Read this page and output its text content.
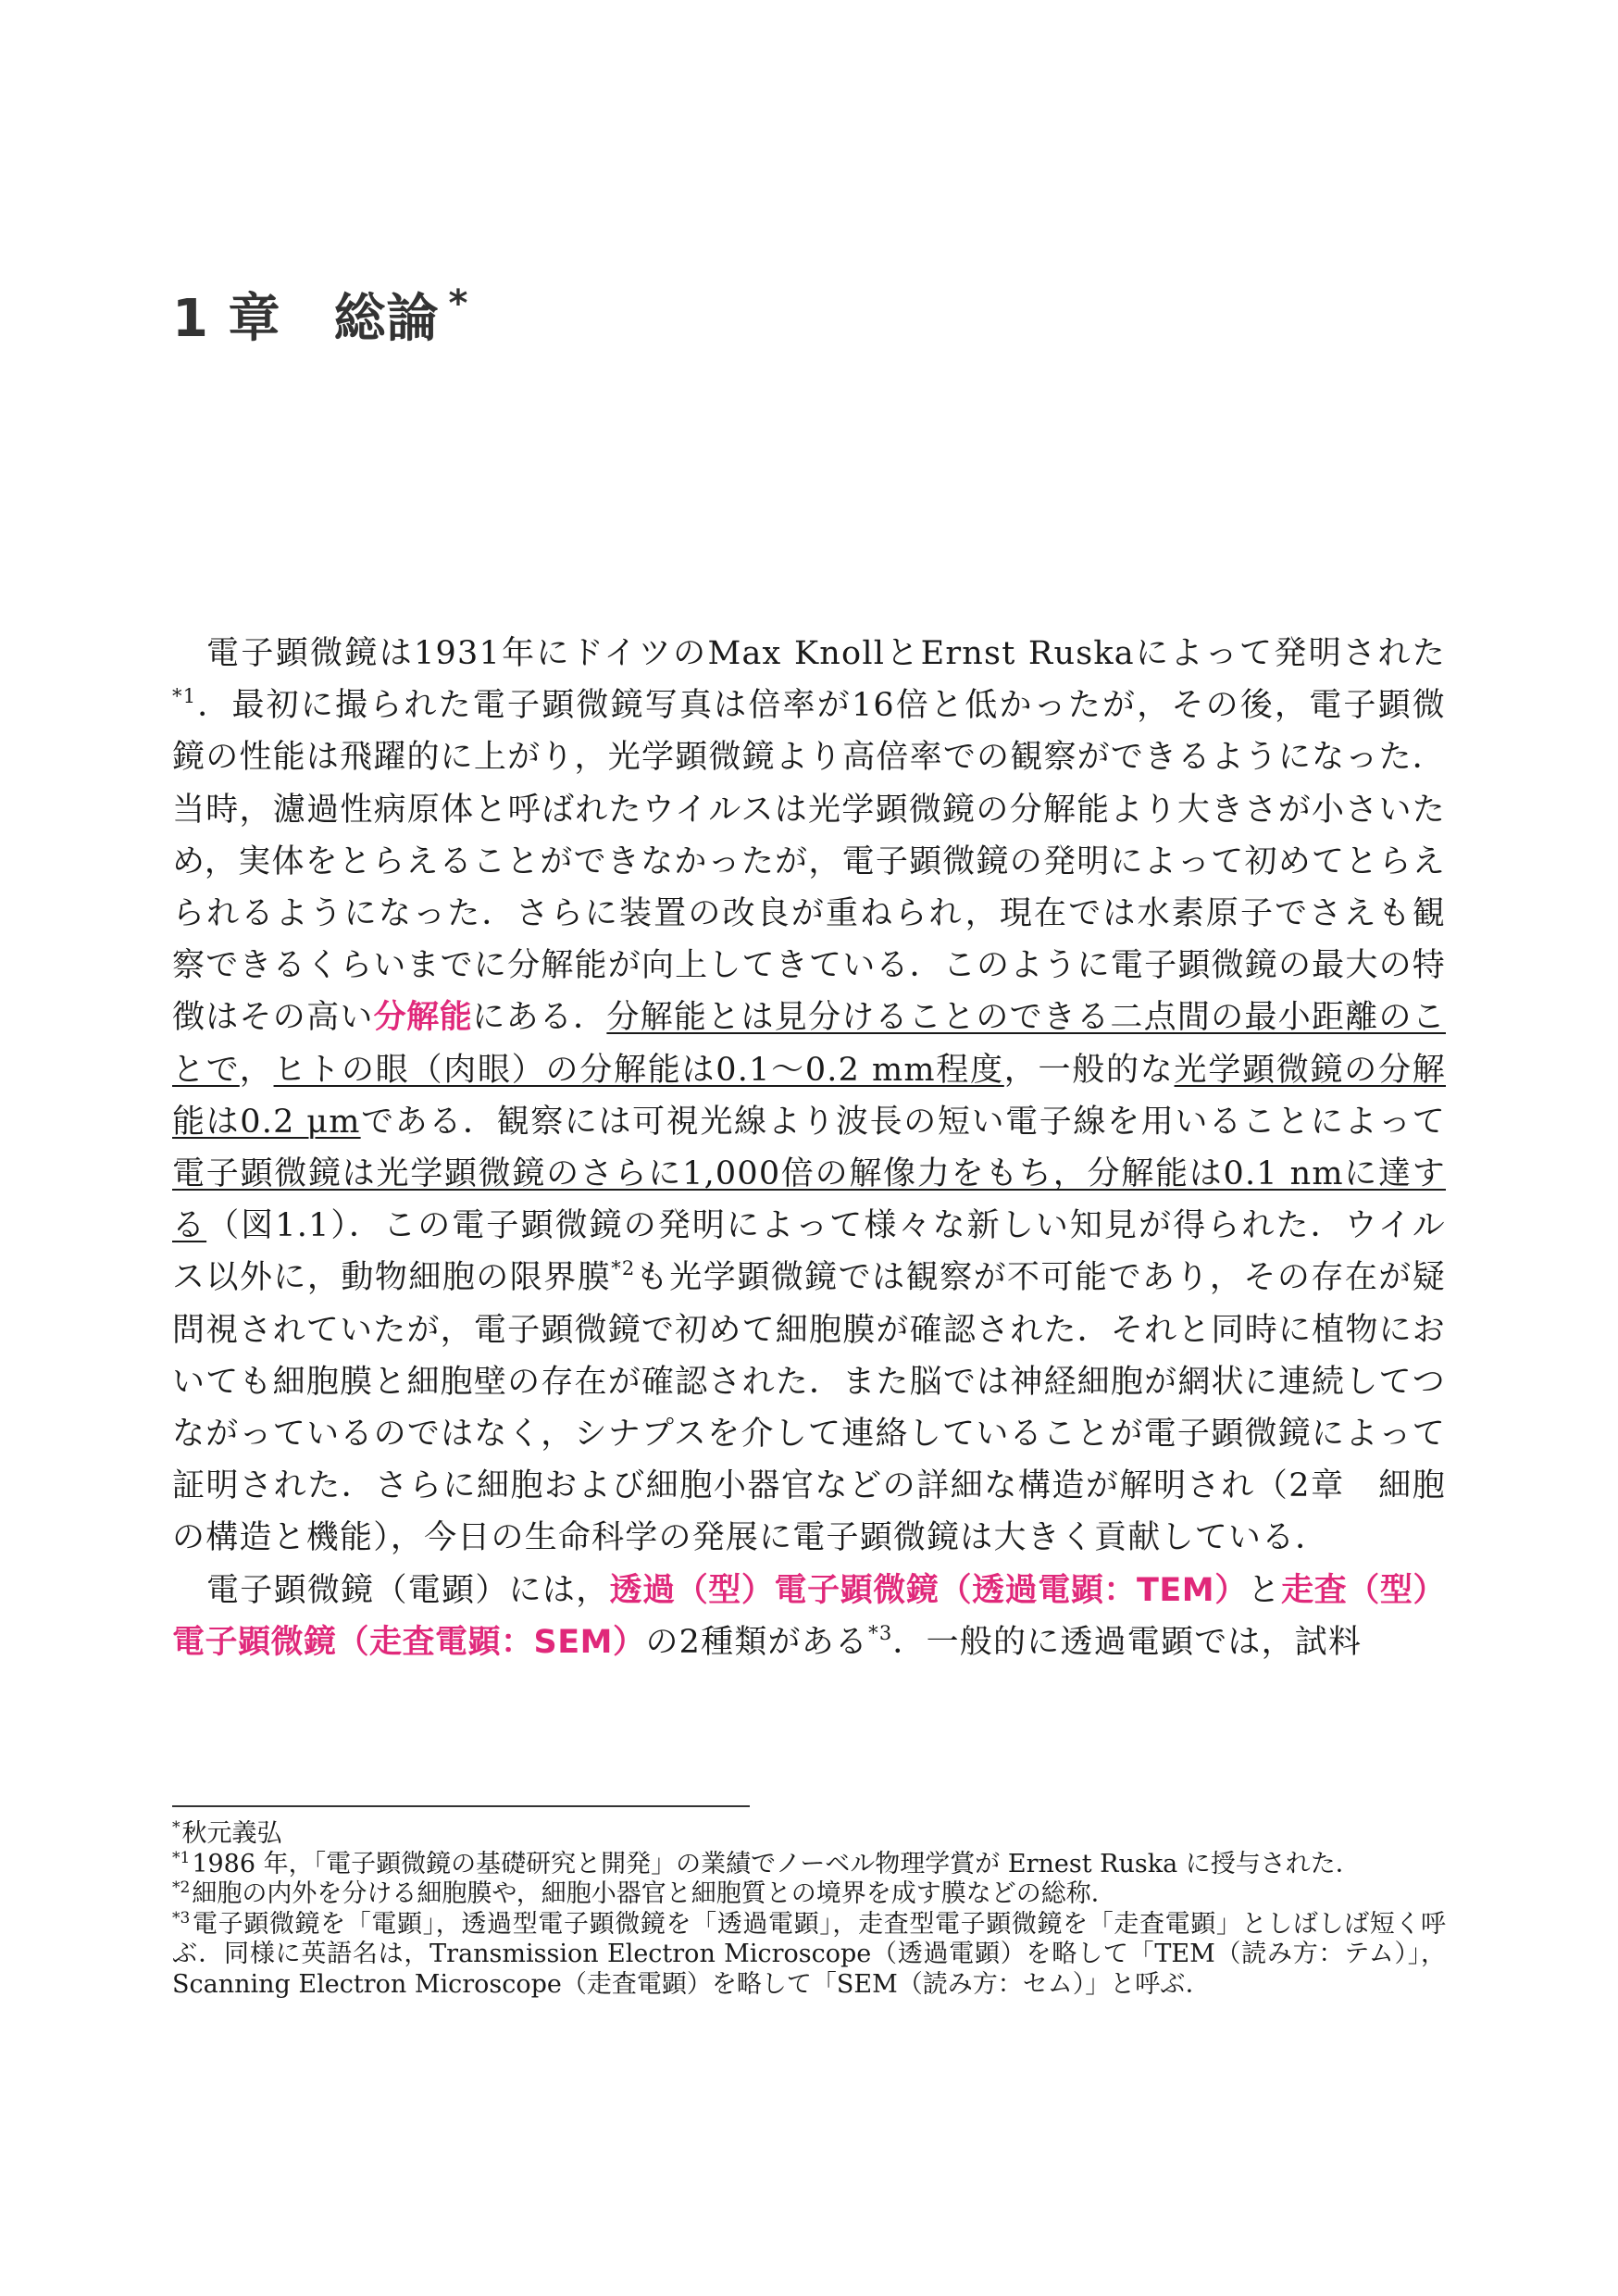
1 章　総論 *

電子顕微鏡は1931年にドイツのMax KnollとErnst Ruskaによって発明された$^{*1}$．最初に撮られた電子顕微鏡写真は倍率が16倍と低かったが，その後，電子顕微鏡の性能は飛躍的に上がり，光学顕微鏡より高倍率での観察ができるようになった．当時，濾過性病原体と呼ばれたウイルスは光学顕微鏡の分解能より大きさが小さいため，実体をとらえることができなかったが，電子顕微鏡の発明によって初めてとらえられるようになった．さらに装置の改良が重ねられ，現在では水素原子でさえも観察できるくらいまでに分解能が向上してきている．このように電子顕微鏡の最大の特徴はその高い分解能にある．分解能とは見分けることのできる二点間の最小距離のことで，ヒトの眼（肉眼）の分解能は0.1〜0.2 mm程度，一般的な光学顕微鏡の分解能は0.2 μmである．観察には可視光線より波長の短い電子線を用いることによって電子顕微鏡は光学顕微鏡のさらに1,000倍の解像力をもち，分解能は0.1 nmに達する（図1.1）．この電子顕微鏡の発明によって様々な新しい知見が得られた．ウイルス以外に，動物細胞の限界膜$^{*2}$も光学顕微鏡では観察が不可能であり，その存在が疑問視されていたが，電子顕微鏡で初めて細胞膜が確認された．それと同時に植物においても細胞膜と細胞壁の存在が確認された．また脳では神経細胞が網状に連続してつながっているのではなく，シナプスを介して連絡していることが電子顕微鏡によって証明された．さらに細胞および細胞小器官などの詳細な構造が解明され（2章　細胞の構造と機能），今日の生命科学の発展に電子顕微鏡は大きく貢献している．

電子顕微鏡（電顕）には，透過（型）電子顕微鏡（透過電顕：TEM）と走査（型）電子顕微鏡（走査電顕：SEM）の2種類がある$^{*3}$．一般的に透過電顕では，試料

*秋元義弘

$^{*1}$1986 年，「電子顕微鏡の基礎研究と開発」の業績でノーベル物理学賞が Ernest Ruska に授与された．

$^{*2}$細胞の内外を分ける細胞膜や，細胞小器官と細胞質との境界を成す膜などの総称．

$^{*3}$電子顕微鏡を「電顕」，透過型電子顕微鏡を「透過電顕」，走査型電子顕微鏡を「走査電顕」としばしば短く呼ぶ．同様に英語名は，Transmission Electron Microscope（透過電顕）を略して「TEM（読み方：テム）」，Scanning Electron Microscope（走査電顕）を略して「SEM（読み方：セム）」と呼ぶ．
